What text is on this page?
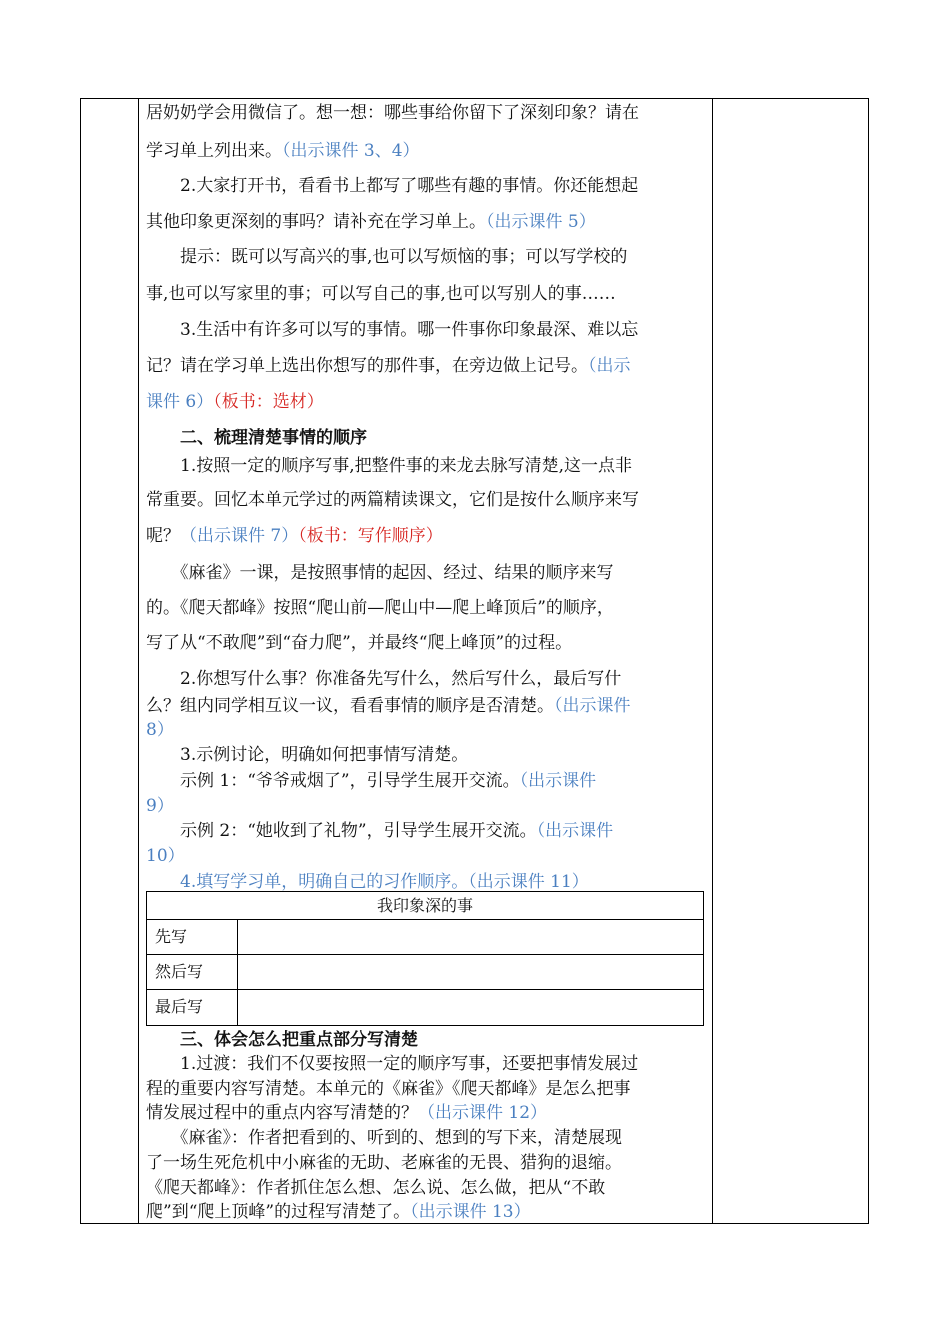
居奶奶学会用微信了。想一想：哪些事给你留下了深刻印象？请在

学习单上列出来。（出示课件 3、4）

　　2.大家打开书，看看书上都写了哪些有趣的事情。你还能想起

其他印象更深刻的事吗？请补充在学习单上。（出示课件 5）

　　提示：既可以写高兴的事,也可以写烦恼的事；可以写学校的

事,也可以写家里的事；可以写自己的事,也可以写别人的事……

　　3.生活中有许多可以写的事情。哪一件事你印象最深、难以忘

记？请在学习单上选出你想写的那件事，在旁边做上记号。（出示

课件 6）（板书：选材）

　　二、梳理清楚事情的顺序

　　1.按照一定的顺序写事,把整件事的来龙去脉写清楚,这一点非

常重要。回忆本单元学过的两篇精读课文，它们是按什么顺序来写

呢？（出示课件 7）（板书：写作顺序）

　　《麻雀》一课，是按照事情的起因、经过、结果的顺序来写

的。《爬天都峰》按照“爬山前—爬山中—爬上峰顶后”的顺序，

写了从“不敢爬”到“奋力爬”，并最终“爬上峰顶”的过程。

　　2.你想写什么事？你准备先写什么，然后写什么，最后写什

么？组内同学相互议一议，看看事情的顺序是否清楚。（出示课件

8）

　　3.示例讨论，明确如何把事情写清楚。

　　示例 1：“爷爷戒烟了”，引导学生展开交流。（出示课件

9）

　　示例 2：“她收到了礼物”，引导学生展开交流。（出示课件

10）

　　4.填写学习单，明确自己的习作顺序。（出示课件 11）

　　三、体会怎么把重点部分写清楚

　　1.过渡：我们不仅要按照一定的顺序写事，还要把事情发展过

程的重要内容写清楚。本单元的《麻雀》《爬天都峰》是怎么把事

情发展过程中的重点内容写清楚的？（出示课件 12）

　　《麻雀》：作者把看到的、听到的、想到的写下来，清楚展现

了一场生死危机中小麻雀的无助、老麻雀的无畏、猎狗的退缩。

《爬天都峰》：作者抓住怎么想、怎么说、怎么做，把从“不敢

爬”到“爬上顶峰”的过程写清楚了。（出示课件 13）

我印象深的事
先写
然后写
最后写
